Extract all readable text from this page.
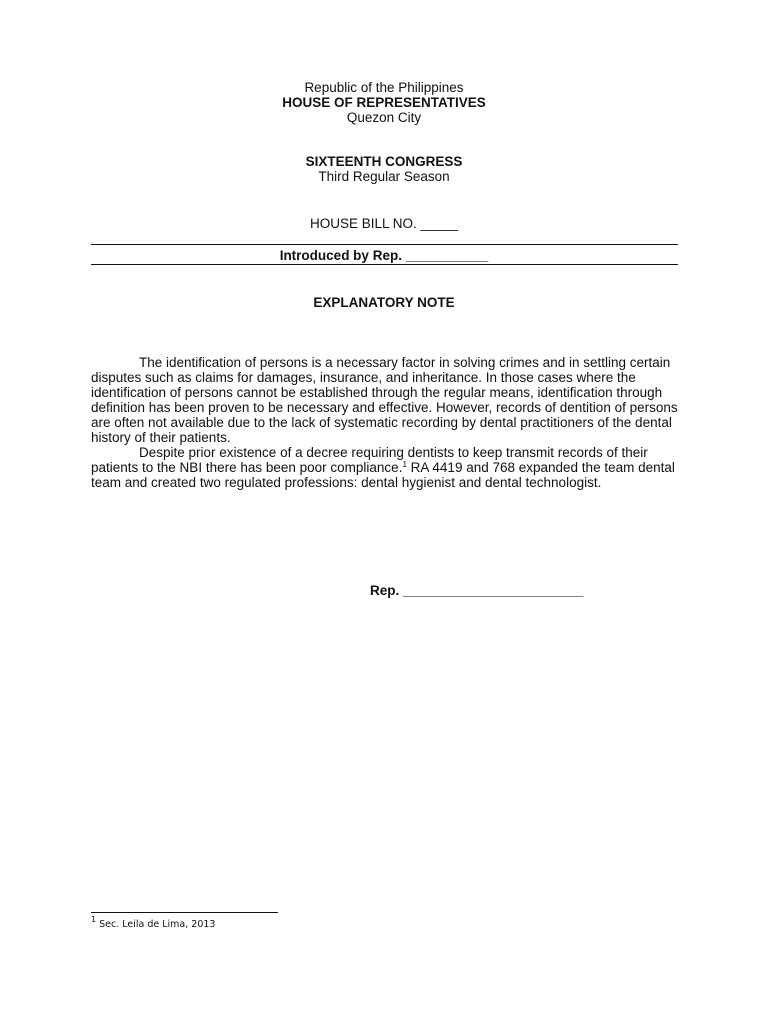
Republic of the Philippines
HOUSE OF REPRESENTATIVES
Quezon City
SIXTEENTH CONGRESS
Third Regular Season
HOUSE BILL NO. _____
Introduced by Rep. ___________
EXPLANATORY NOTE

The identification of persons is a necessary factor in solving crimes and in settling certain disputes such as claims for damages, insurance, and inheritance. In those cases where the identification of persons cannot be established through the regular means, identification through definition has been proven to be necessary and effective. However, records of dentition of persons are often not available due to the lack of systematic recording by dental practitioners of the dental history of their patients.

Despite prior existence of a decree requiring dentists to keep transmit records of their patients to the NBI there has been poor compliance.$^1$ RA 4419 and 768 expanded the team dental team and created two regulated professions: dental hygienist and dental technologist.

Rep. ________________________
$^1$ Sec. Leila de Lima, 2013
